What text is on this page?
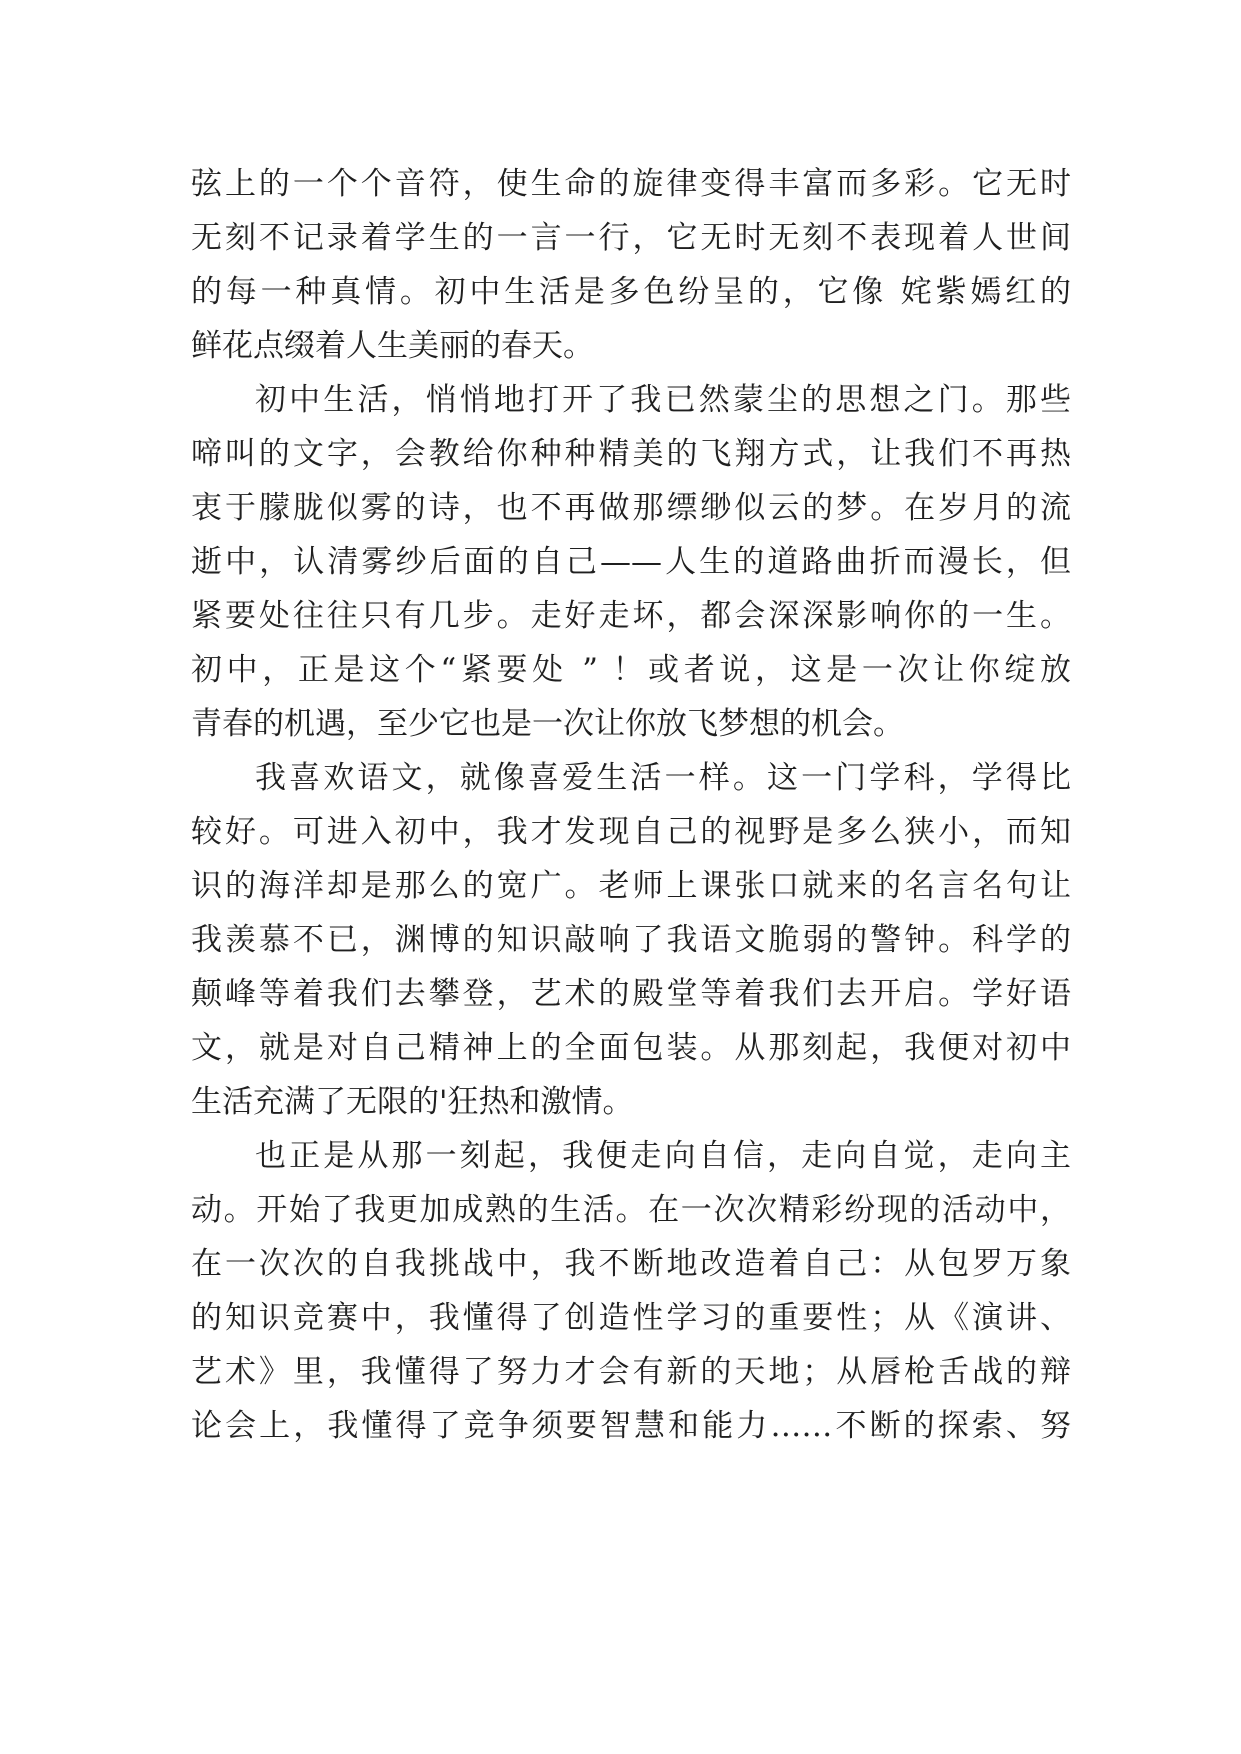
弦上的一个个音符，使生命的旋律变得丰富而多彩。它无时
无刻不记录着学生的一言一行，它无时无刻不表现着人世间
的每一种真情。初中生活是多色纷呈的，它像 姹紫嫣红的
鲜花点缀着人生美丽的春天。
初中生活，悄悄地打开了我已然蒙尘的思想之门。那些
啼叫的文字，会教给你种种精美的飞翔方式，让我们不再热
衷于朦胧似雾的诗，也不再做那缥缈似云的梦。在岁月的流
逝中，认清雾纱后面的自己——人生的道路曲折而漫长，但
紧要处往往只有几步。走好走坏，都会深深影响你的一生。
初中，正是这个“紧要处 ” ！或者说，这是一次让你绽放
青春的机遇，至少它也是一次让你放飞梦想的机会。
我喜欢语文，就像喜爱生活一样。这一门学科，学得比
较好。可进入初中，我才发现自己的视野是多么狭小，而知
识的海洋却是那么的宽广。老师上课张口就来的名言名句让
我羡慕不已，渊博的知识敲响了我语文脆弱的警钟。科学的
颠峰等着我们去攀登，艺术的殿堂等着我们去开启。学好语
文，就是对自己精神上的全面包装。从那刻起，我便对初中
生活充满了无限的'狂热和激情。
也正是从那一刻起，我便走向自信，走向自觉，走向主
动。开始了我更加成熟的生活。在一次次精彩纷现的活动中，
在一次次的自我挑战中，我不断地改造着自己：从包罗万象
的知识竞赛中，我懂得了创造性学习的重要性；从《演讲、
艺术》里，我懂得了努力才会有新的天地；从唇枪舌战的辩
论会上，我懂得了竞争须要智慧和能力……不断的探索、努
